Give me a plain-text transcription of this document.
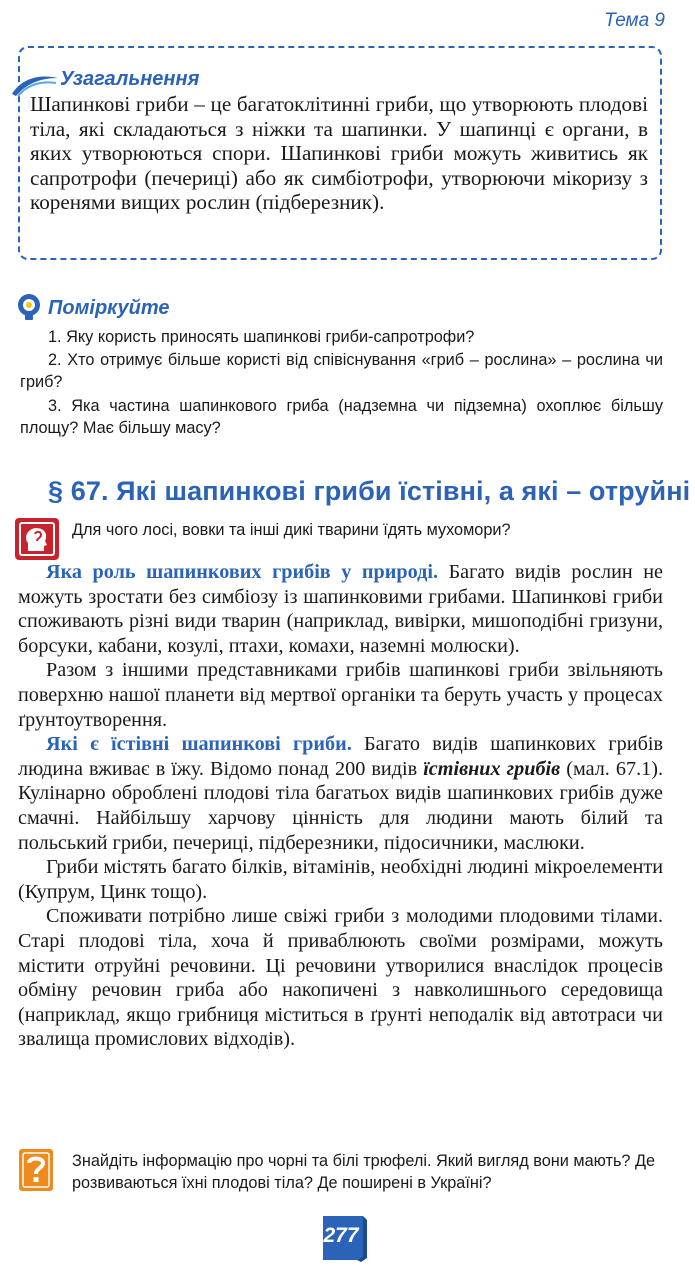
Тема 9
Узагальнення
Шапинкові гриби – це багатоклітинні гриби, що утворюють плодові тіла, які складаються з ніжки та шапинки. У шапинці є органи, в яких утворюються спори. Шапинкові гриби можуть живитись як сапротрофи (печериці) або як симбіотрофи, утворюючи мікоризу з коренями вищих рослин (підберезник).
Поміркуйте
1. Яку користь приносять шапинкові гриби-сапротрофи?
2. Хто отримує більше користі від співіснування «гриб – рослина» – рослина чи гриб?
3. Яка частина шапинкового гриба (надземна чи підземна) охоплює більшу площу? Має більшу масу?
§ 67. Які шапинкові гриби їстівні, а які – отруйні
Для чого лосі, вовки та інші дикі тварини їдять мухомори?

Яка роль шапинкових грибів у природі. Багато видів рослин не можуть зростати без симбіозу із шапинковими грибами. Шапинкові гриби споживають різні види тварин (наприклад, вивірки, мишоподібні гризуни, борсуки, кабани, козулі, птахи, комахи, наземні молюски).

Разом з іншими представниками грибів шапинкові гриби звільняють поверхню нашої планети від мертвої органіки та беруть участь у процесах ґрунтоутворення.

Які є їстівні шапинкові гриби. Багато видів шапинкових грибів людина вживає в їжу. Відомо понад 200 видів їстівних грибів (мал. 67.1). Кулінарно оброблені плодові тіла багатьох видів шапинкових грибів дуже смачні. Найбільшу харчову цінність для людини мають білий та польський гриби, печериці, підберезники, підосичники, маслюки.

Гриби містять багато білків, вітамінів, необхідні людині мікроелементи (Купрум, Цинк тощо).

Споживати потрібно лише свіжі гриби з молодими плодовими тілами. Старі плодові тіла, хоча й приваблюють своїми розмірами, можуть містити отруйні речовини. Ці речовини утворилися внаслідок процесів обміну речовин гриба або накопичені з навколишнього середовища (наприклад, якщо грибниця міститься в ґрунті неподалік від автотраси чи звалища промислових відходів).

Знайдіть інформацію про чорні та білі трюфелі. Який вигляд вони мають? Де розвиваються їхні плодові тіла? Де поширені в Україні?
277
